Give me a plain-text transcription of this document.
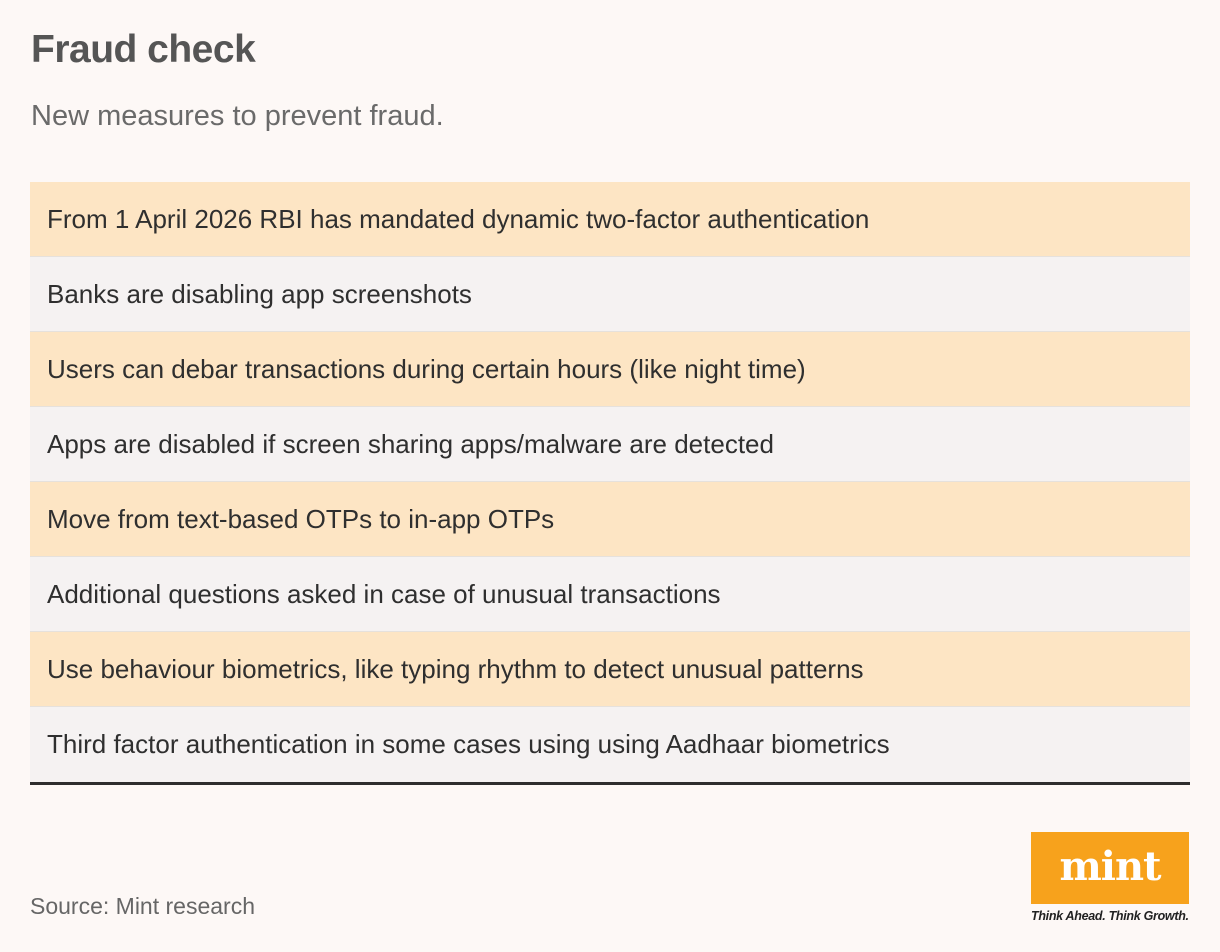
Fraud check

New measures to prevent fraud.

From 1 April 2026 RBI has mandated dynamic two-factor authentication
Banks are disabling app screenshots
Users can debar transactions during certain hours (like night time)
Apps are disabled if screen sharing apps/malware are detected
Move from text-based OTPs to in-app OTPs
Additional questions asked in case of unusual transactions
Use behaviour biometrics, like typing rhythm to detect unusual patterns
Third factor authentication in some cases using using Aadhaar biometrics
Source: Mint research
mint
Think Ahead. Think Growth.
